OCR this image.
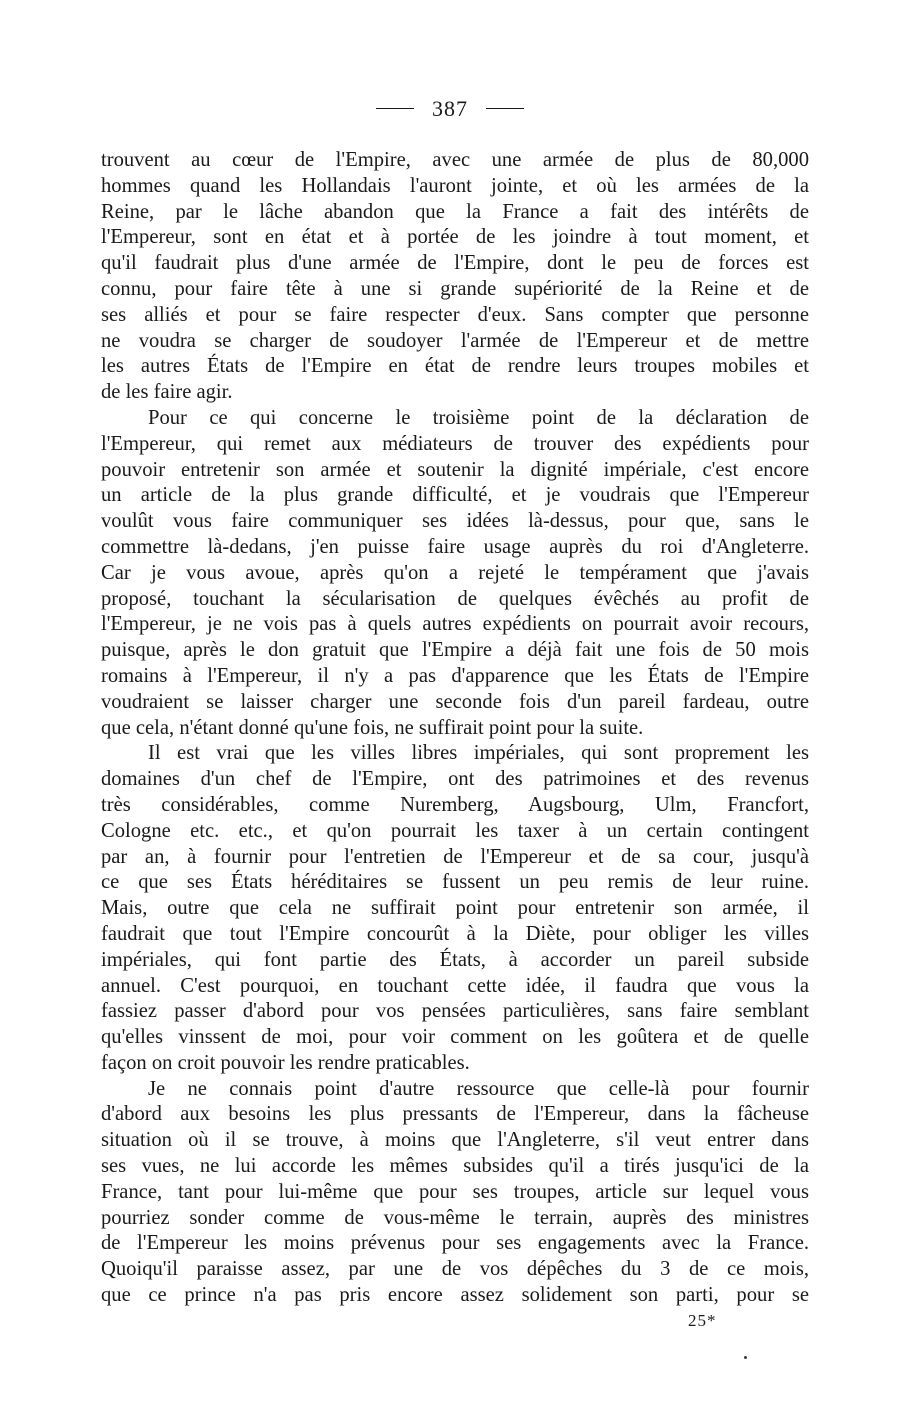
387
trouvent au cœur de l'Empire, avec une armée de plus de 80,000
hommes quand les Hollandais l'auront jointe, et où les armées de la
Reine, par le lâche abandon que la France a fait des intérêts de
l'Empereur, sont en état et à portée de les joindre à tout moment, et
qu'il faudrait plus d'une armée de l'Empire, dont le peu de forces est
connu, pour faire tête à une si grande supériorité de la Reine et de
ses alliés et pour se faire respecter d'eux. Sans compter que personne
ne voudra se charger de soudoyer l'armée de l'Empereur et de mettre
les autres États de l'Empire en état de rendre leurs troupes mobiles et
de les faire agir.
Pour ce qui concerne le troisième point de la déclaration de
l'Empereur, qui remet aux médiateurs de trouver des expédients pour
pouvoir entretenir son armée et soutenir la dignité impériale, c'est encore
un article de la plus grande difficulté, et je voudrais que l'Empereur
voulût vous faire communiquer ses idées là-dessus, pour que, sans le
commettre là-dedans, j'en puisse faire usage auprès du roi d'Angleterre.
Car je vous avoue, après qu'on a rejeté le tempérament que j'avais
proposé, touchant la sécularisation de quelques évêchés au profit de
l'Empereur, je ne vois pas à quels autres expédients on pourrait avoir recours,
puisque, après le don gratuit que l'Empire a déjà fait une fois de 50 mois
romains à l'Empereur, il n'y a pas d'apparence que les États de l'Empire
voudraient se laisser charger une seconde fois d'un pareil fardeau, outre
que cela, n'étant donné qu'une fois, ne suffirait point pour la suite.
Il est vrai que les villes libres impériales, qui sont proprement les
domaines d'un chef de l'Empire, ont des patrimoines et des revenus
très considérables, comme Nuremberg, Augsbourg, Ulm, Francfort,
Cologne etc. etc., et qu'on pourrait les taxer à un certain contingent
par an, à fournir pour l'entretien de l'Empereur et de sa cour, jusqu'à
ce que ses États héréditaires se fussent un peu remis de leur ruine.
Mais, outre que cela ne suffirait point pour entretenir son armée, il
faudrait que tout l'Empire concourût à la Diète, pour obliger les villes
impériales, qui font partie des États, à accorder un pareil subside
annuel. C'est pourquoi, en touchant cette idée, il faudra que vous la
fassiez passer d'abord pour vos pensées particulières, sans faire semblant
qu'elles vinssent de moi, pour voir comment on les goûtera et de quelle
façon on croit pouvoir les rendre praticables.
Je ne connais point d'autre ressource que celle-là pour fournir
d'abord aux besoins les plus pressants de l'Empereur, dans la fâcheuse
situation où il se trouve, à moins que l'Angleterre, s'il veut entrer dans
ses vues, ne lui accorde les mêmes subsides qu'il a tirés jusqu'ici de la
France, tant pour lui-même que pour ses troupes, article sur lequel vous
pourriez sonder comme de vous-même le terrain, auprès des ministres
de l'Empereur les moins prévenus pour ses engagements avec la France.
Quoiqu'il paraisse assez, par une de vos dépêches du 3 de ce mois,
que ce prince n'a pas pris encore assez solidement son parti, pour se
25*
